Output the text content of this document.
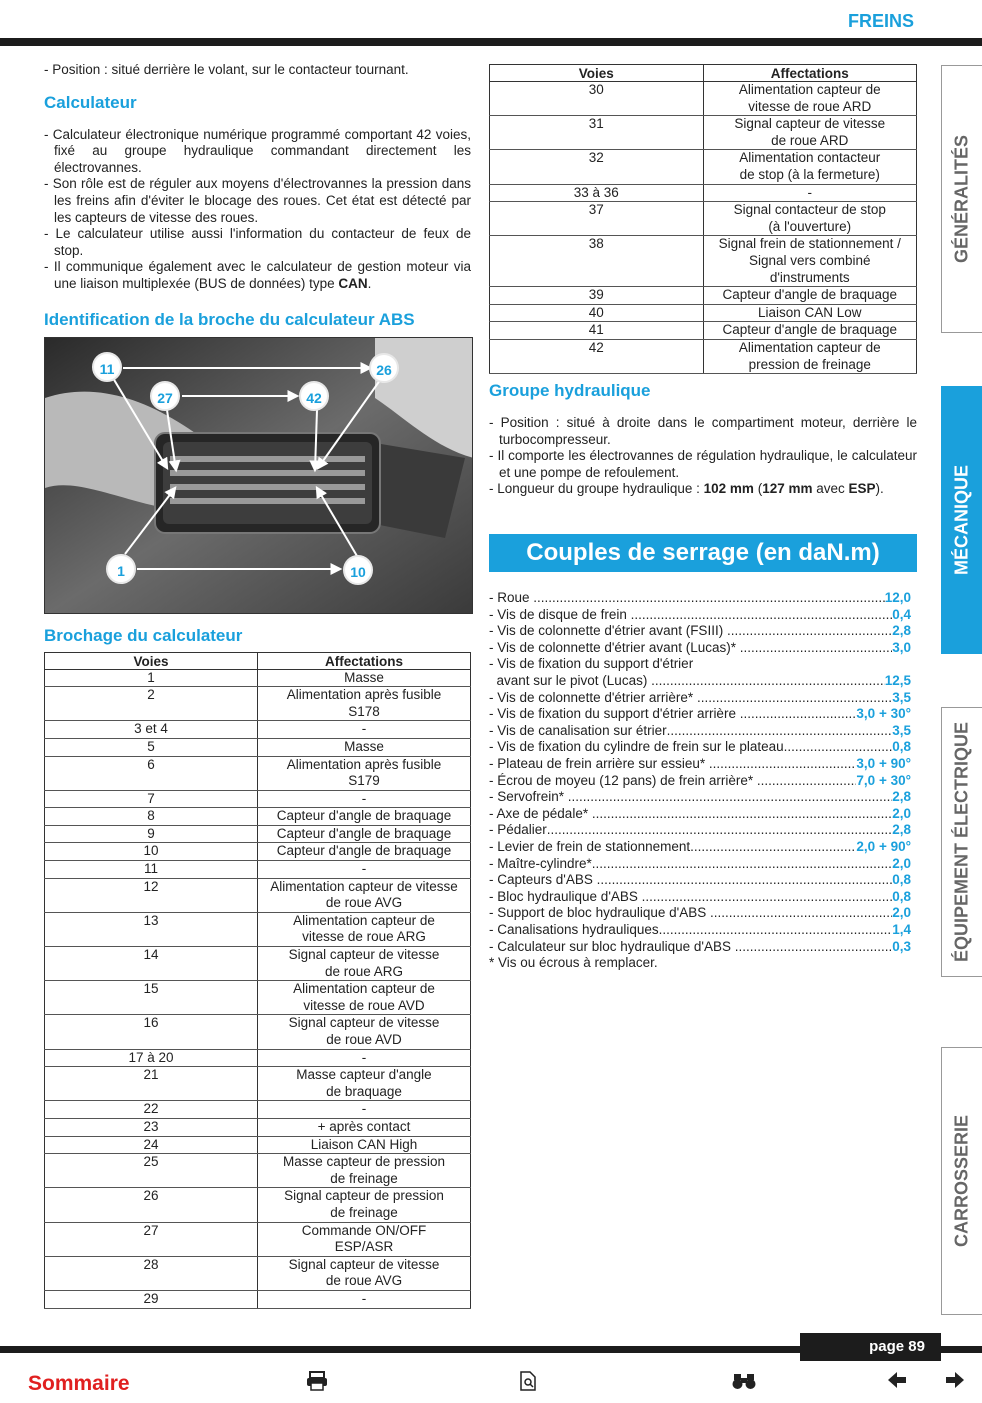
FREINS

- Position : situé derrière le volant, sur le contacteur tournant.

Calculateur

- Calculateur électronique numérique programmé comportant 42 voies, fixé au groupe hydraulique commandant directement les électrovannes.

- Son rôle est de réguler aux moyens d'électrovannes la pression dans les freins afin d'éviter le blocage des roues. Cet état est détecté par les capteurs de vitesse des roues.

- Le calculateur utilise aussi l'information du contacteur de feux de stop.

- Il communique également avec le calculateur de gestion moteur via une liaison multiplexée (BUS de données) type CAN.

Identification de la broche du calculateur ABS
11	26
27	42
1	10
Brochage du calculateur
Voies	Affectations
1	Masse
2	Alimentation après fusible
S178
3 et 4	-
5	Masse
6	Alimentation après fusible
S179
7	-
8	Capteur d'angle de braquage
9	Capteur d'angle de braquage
10	Capteur d'angle de braquage
11	-
12	Alimentation capteur de vitesse
de roue AVG
13	Alimentation capteur de
vitesse de roue ARG
14	Signal capteur de vitesse
de roue ARG
15	Alimentation capteur de
vitesse de roue AVD
16	Signal capteur de vitesse
de roue AVD
17 à 20	-
21	Masse capteur d'angle
de braquage
22	-
23	+ après contact
24	Liaison CAN High
25	Masse capteur de pression
de freinage
26	Signal capteur de pression
de freinage
27	Commande ON/OFF
ESP/ASR
28	Signal capteur de vitesse
de roue AVG
29	-
Voies	Affectations
30	Alimentation capteur de
vitesse de roue ARD
31	Signal capteur de vitesse
de roue ARD
32	Alimentation contacteur
de stop (à la fermeture)
33 à 36	-
37	Signal contacteur de stop
(à l'ouverture)
38	Signal frein de stationnement /
Signal vers combiné
d'instruments
39	Capteur d'angle de braquage
40	Liaison CAN Low
41	Capteur d'angle de braquage
42	Alimentation capteur de
pression de freinage
Groupe hydraulique

- Position : situé à droite dans le compartiment moteur, derrière le turbocompresseur.

- Il comporte les électrovannes de régulation hydraulique, le calculateur et une pompe de refoulement.

- Longueur du groupe hydraulique : 102 mm (127 mm avec ESP).

Couples de serrage (en daN.m)
- Roue .....	12,0
- Vis de disque de frein .....	0,4
- Vis de colonnette d'étrier avant (FSIII) .....	2,8
- Vis de colonnette d'étrier avant (Lucas)* .....	3,0
- Vis de fixation du support d'étrier
avant sur le pivot (Lucas) .....	12,5
- Vis de colonnette d'étrier arrière* .....	3,5
- Vis de fixation du support d'étrier arrière .....	3,0 + 30°
- Vis de canalisation sur étrier .....	3,5
- Vis de fixation du cylindre de frein sur le plateau .....	0,8
- Plateau de frein arrière sur essieu* .....	3,0 + 90°
- Écrou de moyeu (12 pans) de frein arrière* .....	7,0 + 30°
- Servofrein* .....	2,8
- Axe de pédale* .....	2,0
- Pédalier .....	2,8
- Levier de frein de stationnement .....	2,0 + 90°
- Maître-cylindre* .....	2,0
- Capteurs d'ABS .....	0,8
- Bloc hydraulique d'ABS .....	0,8
- Support de bloc hydraulique d'ABS .....	2,0
- Canalisations hydrauliques .....	1,4
- Calculateur sur bloc hydraulique d'ABS .....	0,3

* Vis ou écrous à remplacer.

GÉNÉRALITÉS
MÉCANIQUE
ÉQUIPEMENT ÉLECTRIQUE
CARROSSERIE
page 89
Sommaire
